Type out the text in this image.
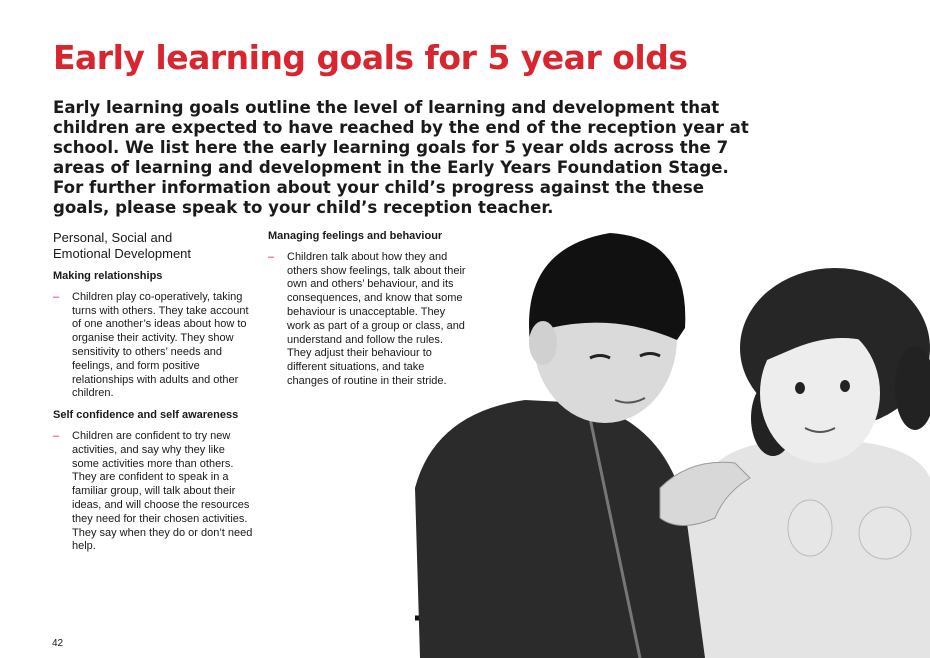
Early learning goals for 5 year olds

Early learning goals outline the level of learning and development that children are expected to have reached by the end of the reception year at school. We list here the early learning goals for 5 year olds across the 7 areas of learning and development in the Early Years Foundation Stage. For further information about your child’s progress against the these goals, please speak to your child’s reception teacher.

Personal, Social and
Emotional Development
Making relationships
– Children play co-operatively, taking turns with others. They take account of one another’s ideas about how to organise their activity. They show sensitivity to others’ needs and feelings, and form positive relationships with adults and other children.
Self confidence and self awareness
– Children are confident to try new activities, and say why they like some activities more than others. They are confident to speak in a familiar group, will talk about their ideas, and will choose the resources they need for their chosen activities. They say when they do or don’t need help.
Managing feelings and behaviour
– Children talk about how they and others show feelings, talk about their own and others’ behaviour, and its consequences, and know that some behaviour is unacceptable. They work as part of a group or class, and understand and follow the rules. They adjust their behaviour to different situations, and take changes of routine in their stride.
42
